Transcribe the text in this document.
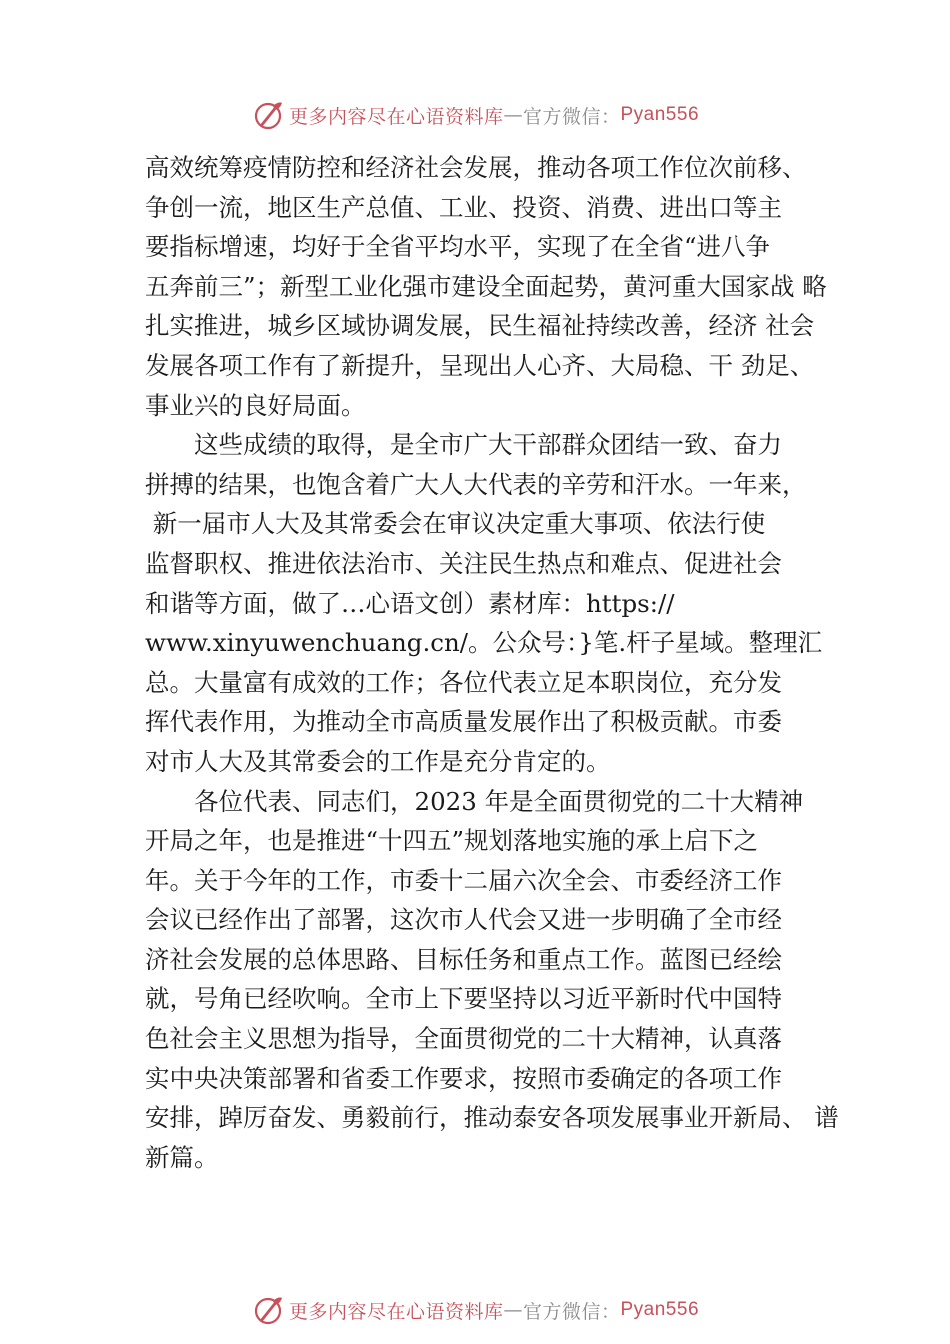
更多内容尽在心语资料库 — 官方微信： Pyan556
高效统筹疫情防控和经济社会发展，推动各项工作位次前移、
争创一流，地区生产总值、工业、投资、消费、进出口等主
要指标增速，均好于全省平均水平，实现了在全省“进八争
五奔前三”；新型工业化强市建设全面起势，黄河重大国家战 略
扎实推进，城乡区域协调发展，民生福祉持续改善，经济 社会
发展各项工作有了新提升，呈现出人心齐、大局稳、干 劲足、
事业兴的良好局面。
这些成绩的取得，是全市广大干部群众团结一致、奋力
拼搏的结果，也饱含着广大人大代表的辛劳和汗水。一年来，
新一届市人大及其常委会在审议决定重大事项、依法行使
监督职权、推进依法治市、关注民生热点和难点、促进社会
和谐等方面，做了…心语文创）素材库：https://
www.xinyuwenchuang.cn/。公众号：}笔.杆子星域。整理汇
总。大量富有成效的工作；各位代表立足本职岗位，充分发
挥代表作用，为推动全市高质量发展作出了积极贡献。市委
对市人大及其常委会的工作是充分肯定的。
各位代表、同志们，2023 年是全面贯彻党的二十大精神
开局之年，也是推进“十四五”规划落地实施的承上启下之
年。关于今年的工作，市委十二届六次全会、市委经济工作
会议已经作出了部署，这次市人代会又进一步明确了全市经
济社会发展的总体思路、目标任务和重点工作。蓝图已经绘
就，号角已经吹响。全市上下要坚持以习近平新时代中国特
色社会主义思想为指导，全面贯彻党的二十大精神，认真落
实中央决策部署和省委工作要求，按照市委确定的各项工作
安排，踔厉奋发、勇毅前行，推动泰安各项发展事业开新局、 谱
新篇。
更多内容尽在心语资料库 — 官方微信： Pyan556
